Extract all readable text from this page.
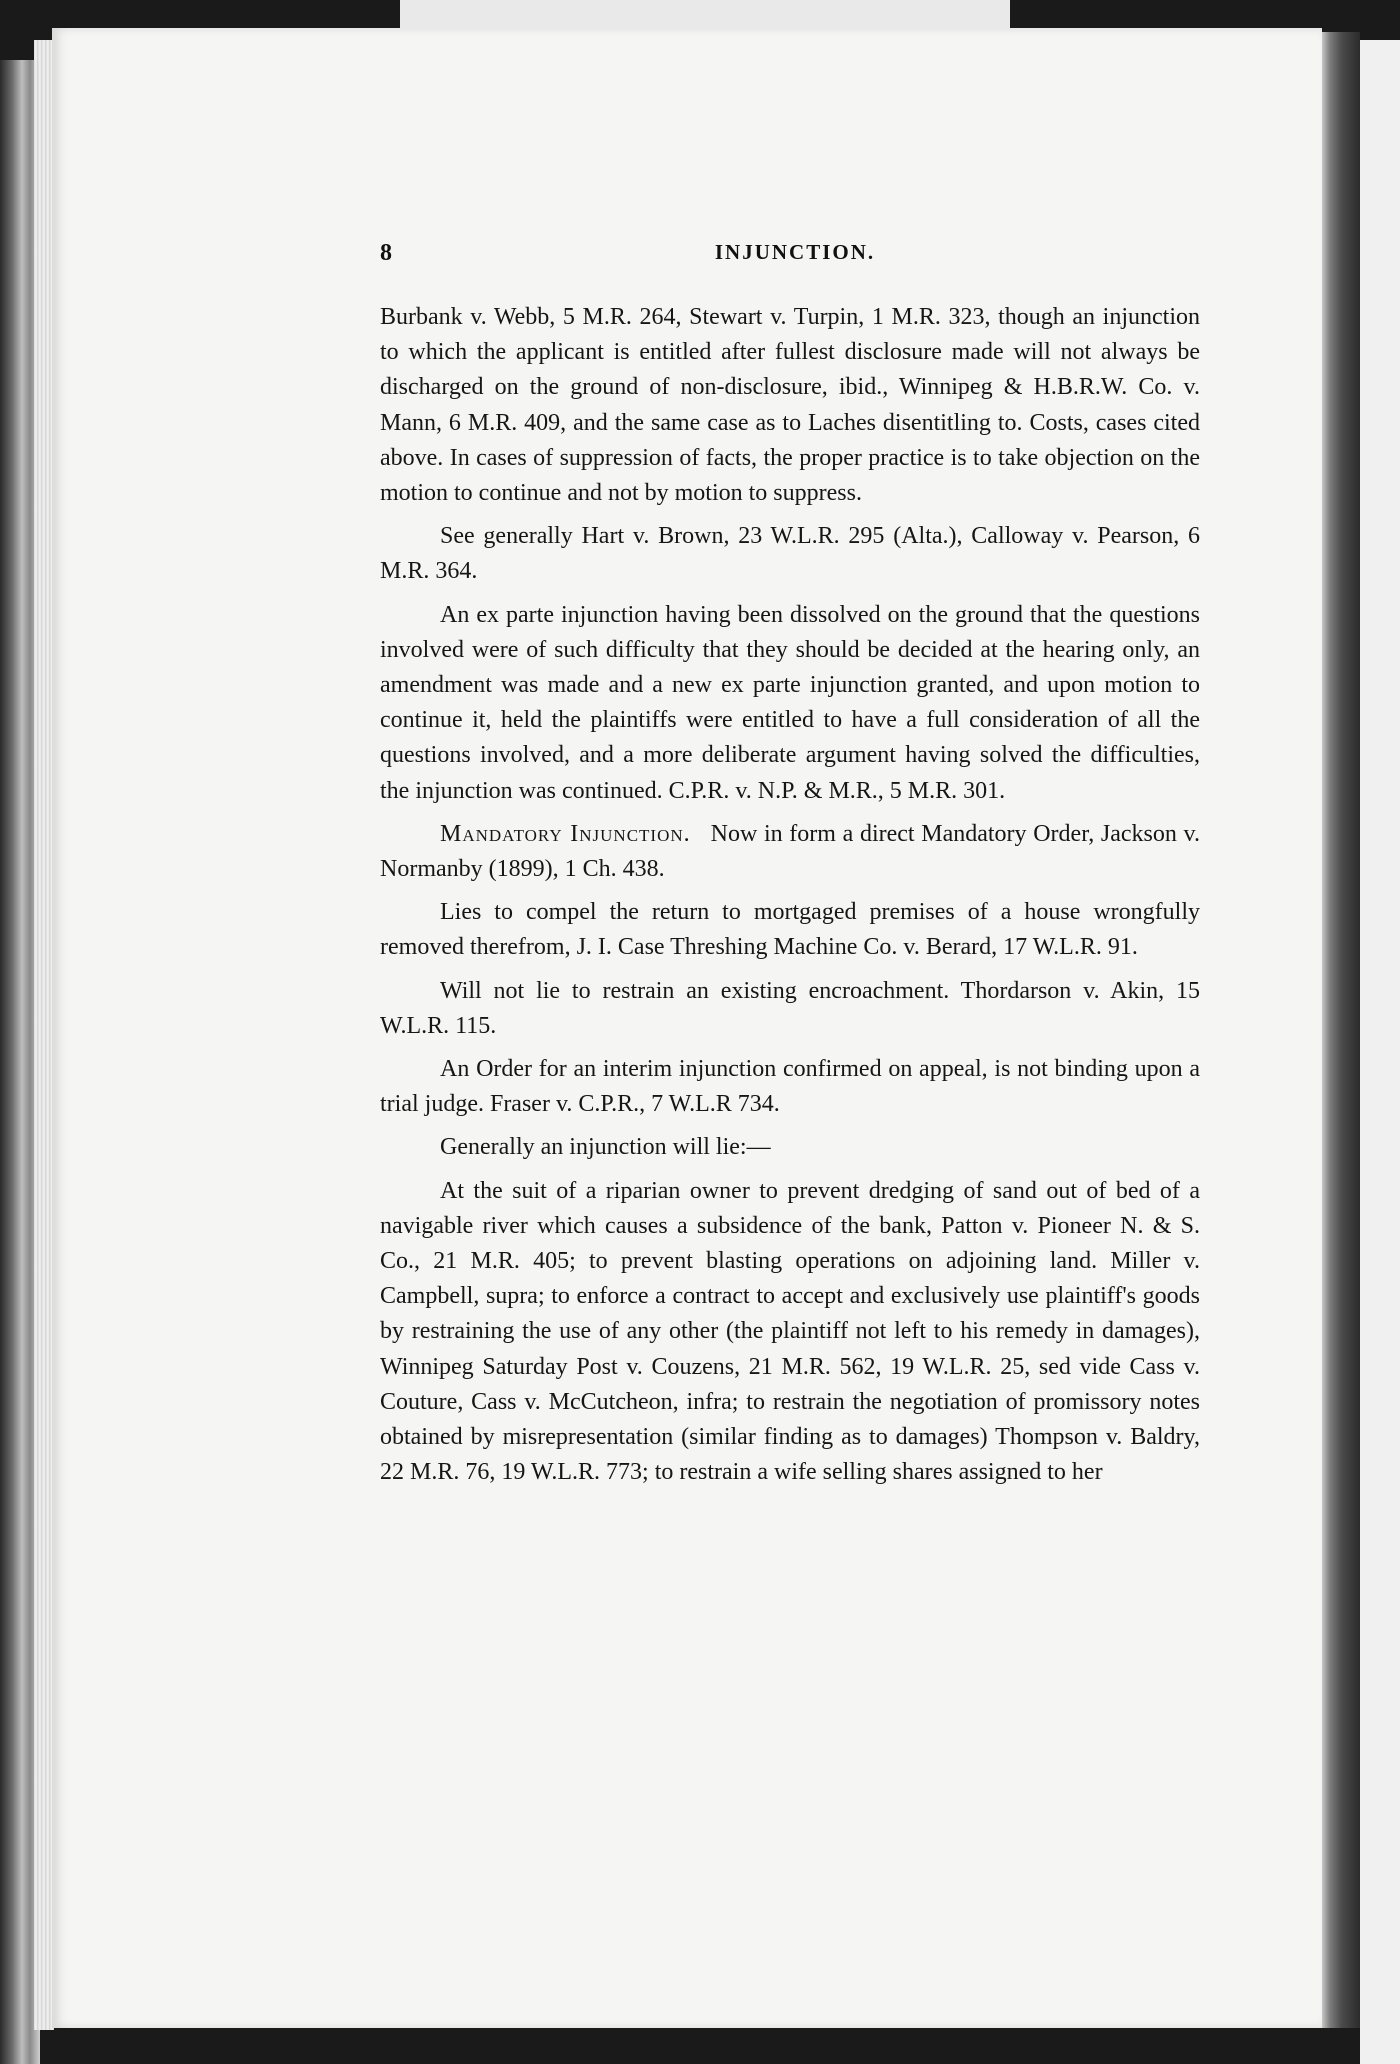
8	INJUNCTION.

Burbank v. Webb, 5 M.R. 264, Stewart v. Turpin, 1 M.R. 323, though an injunction to which the applicant is entitled after fullest disclosure made will not always be discharged on the ground of non-disclosure, ibid., Winnipeg & H.B.R.W. Co. v. Mann, 6 M.R. 409, and the same case as to Laches disentitling to. Costs, cases cited above. In cases of suppression of facts, the proper practice is to take objection on the motion to continue and not by motion to suppress.

See generally Hart v. Brown, 23 W.L.R. 295 (Alta.), Calloway v. Pearson, 6 M.R. 364.

An ex parte injunction having been dissolved on the ground that the questions involved were of such difficulty that they should be decided at the hearing only, an amendment was made and a new ex parte injunction granted, and upon motion to continue it, held the plaintiffs were entitled to have a full consideration of all the questions involved, and a more deliberate argument having solved the difficulties, the injunction was continued. C.P.R. v. N.P. & M.R., 5 M.R. 301.

Mandatory Injunction. Now in form a direct Mandatory Order, Jackson v. Normanby (1899), 1 Ch. 438.

Lies to compel the return to mortgaged premises of a house wrongfully removed therefrom, J. I. Case Threshing Machine Co. v. Berard, 17 W.L.R. 91.

Will not lie to restrain an existing encroachment. Thordarson v. Akin, 15 W.L.R. 115.

An Order for an interim injunction confirmed on appeal, is not binding upon a trial judge. Fraser v. C.P.R., 7 W.L.R 734.

Generally an injunction will lie:—

At the suit of a riparian owner to prevent dredging of sand out of bed of a navigable river which causes a subsidence of the bank, Patton v. Pioneer N. & S. Co., 21 M.R. 405; to prevent blasting operations on adjoining land. Miller v. Campbell, supra; to enforce a contract to accept and exclusively use plaintiff's goods by restraining the use of any other (the plaintiff not left to his remedy in damages), Winnipeg Saturday Post v. Couzens, 21 M.R. 562, 19 W.L.R. 25, sed vide Cass v. Couture, Cass v. McCutcheon, infra; to restrain the negotiation of promissory notes obtained by misrepresentation (similar finding as to damages) Thompson v. Baldry, 22 M.R. 76, 19 W.L.R. 773; to restrain a wife selling shares assigned to her
